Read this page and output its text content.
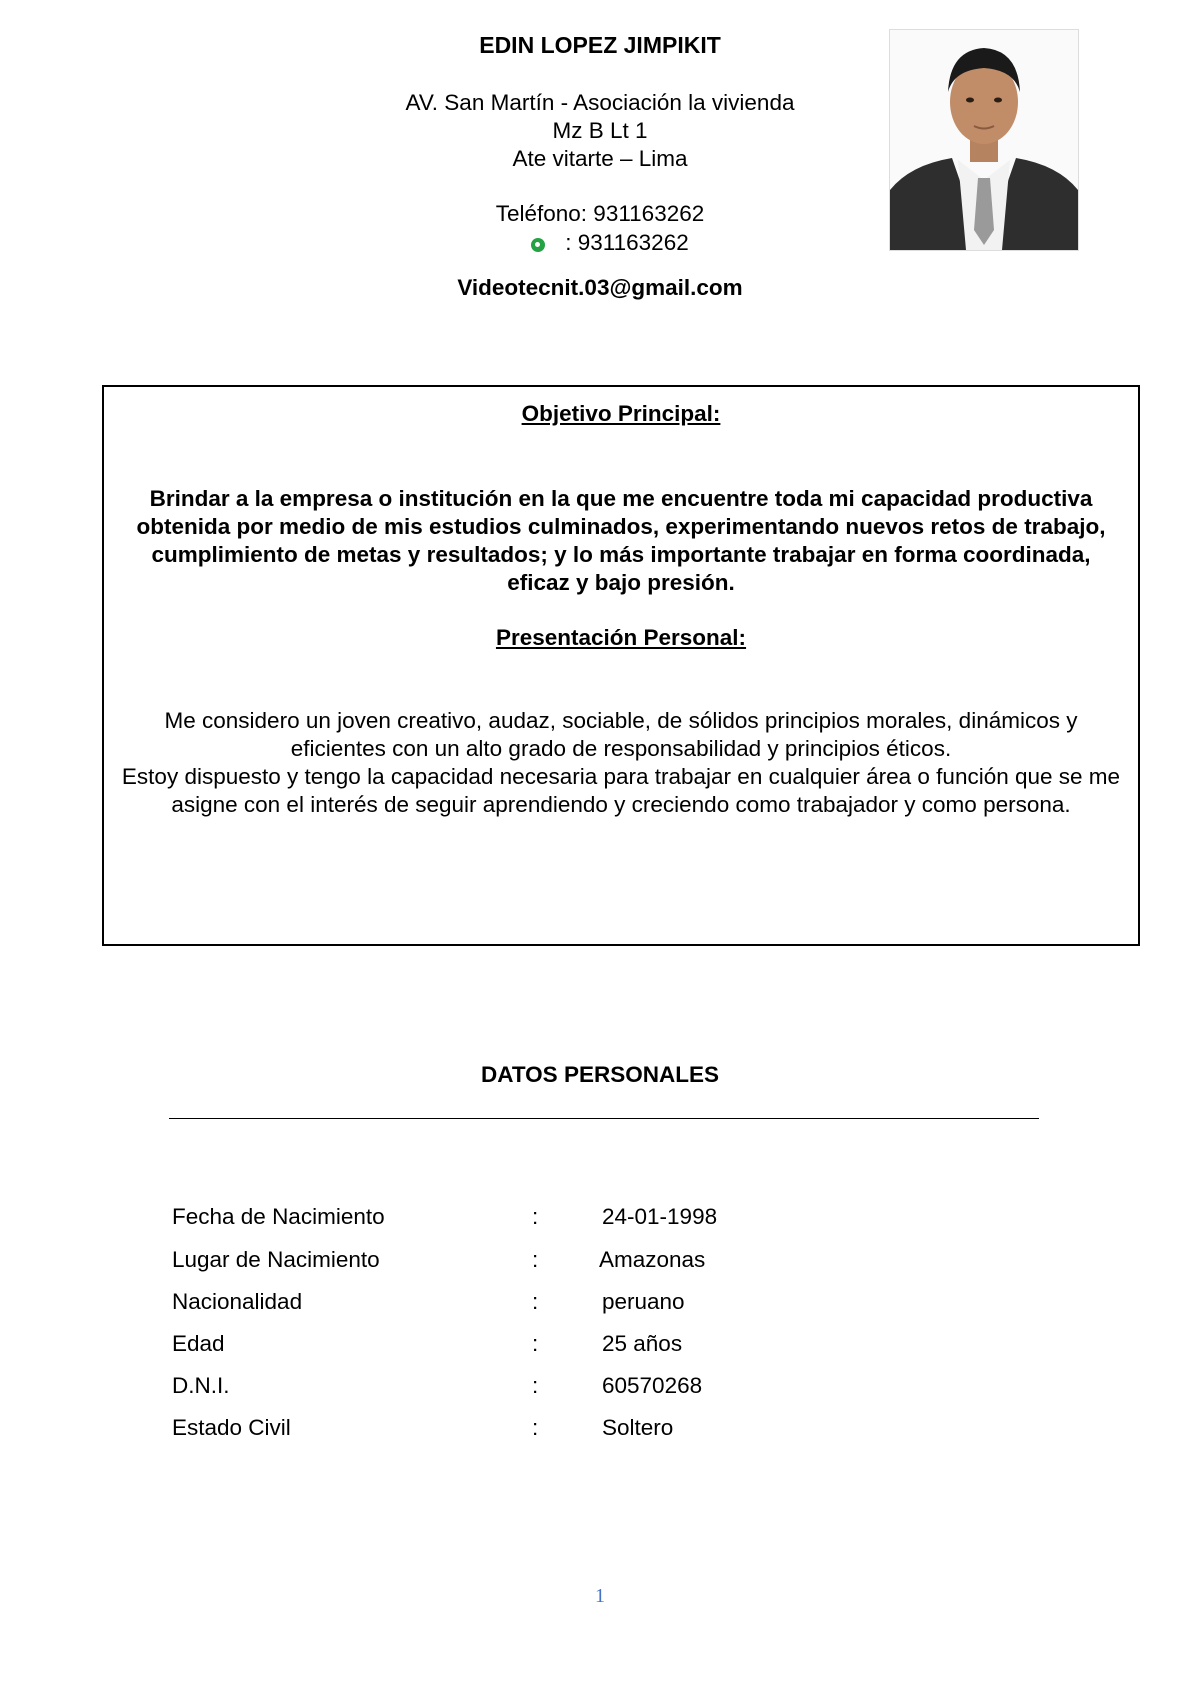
EDIN LOPEZ JIMPIKIT
AV. San Martín - Asociación la vivienda
Mz B Lt 1
Ate vitarte – Lima
Teléfono: 931163262
: 931163262
Videotecnit.03@gmail.com
Objetivo Principal:
Brindar a la empresa o institución en la que me encuentre toda mi capacidad productiva obtenida por medio de mis estudios culminados, experimentando nuevos retos de trabajo, cumplimiento de metas y resultados; y lo más importante trabajar en forma coordinada, eficaz y bajo presión.
Presentación Personal:
Me considero un joven creativo, audaz, sociable, de sólidos principios morales, dinámicos y eficientes con un alto grado de responsabilidad y principios éticos.
Estoy dispuesto y tengo la capacidad necesaria para trabajar en cualquier área o función que se me asigne con el interés de seguir aprendiendo y creciendo como trabajador y como persona.
DATOS PERSONALES
Fecha de Nacimiento	:	24-01-1998
Lugar de Nacimiento	:	Amazonas
Nacionalidad	:	peruano
Edad	:	25 años
D.N.I.	:	60570268
Estado Civil	:	Soltero
1
